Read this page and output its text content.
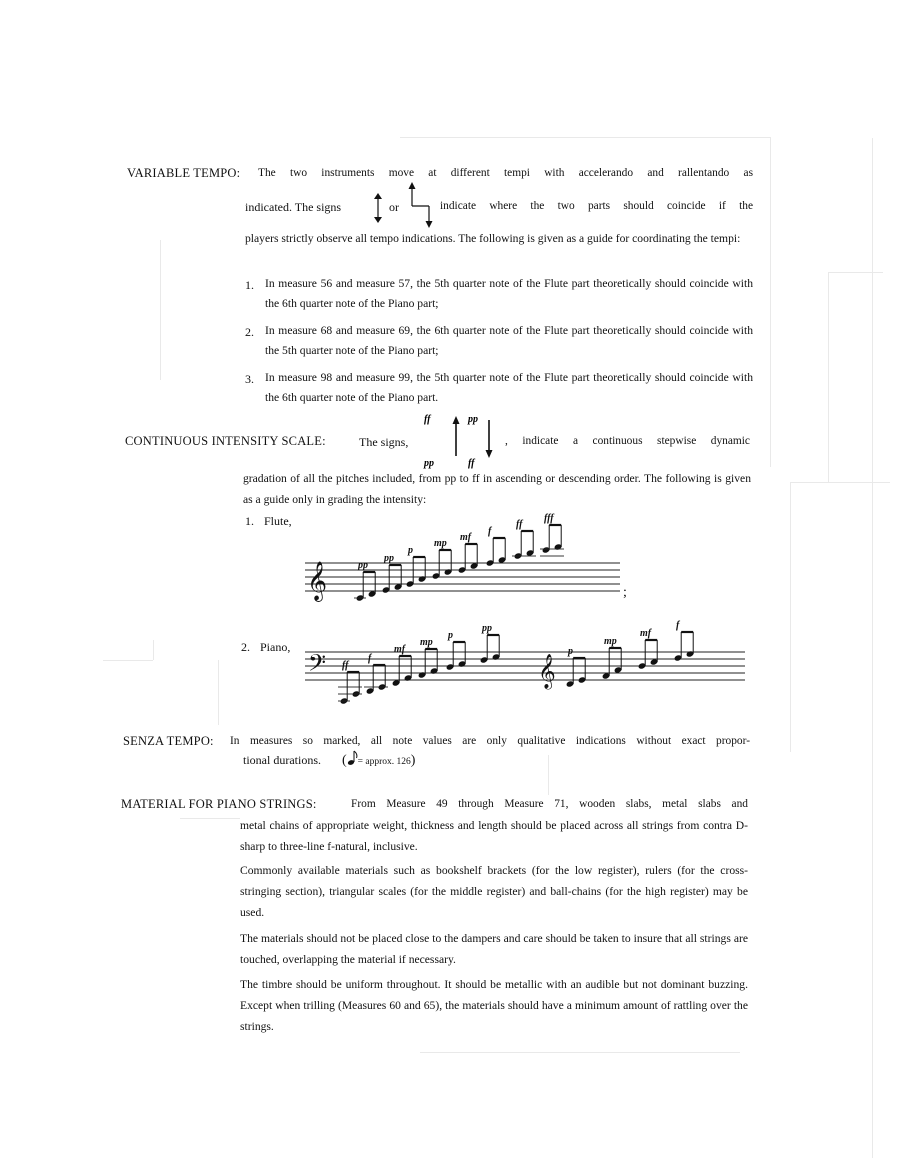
VARIABLE TEMPO: The two instruments move at different tempi with accelerando and rallentando as
indicated. The signs	or	indicate where the two parts should coincide if the
players strictly observe all tempo indications. The following is given as a guide for coordinating the tempi:
1. In measure 56 and measure 57, the 5th quarter note of the Flute part theoretically should coincide with the 6th quarter note of the Piano part;
2. In measure 68 and measure 69, the 6th quarter note of the Flute part theoretically should coincide with the 5th quarter note of the Piano part;
3. In measure 98 and measure 99, the 5th quarter note of the Flute part theoretically should coincide with the 6th quarter note of the Piano part.
CONTINUOUS INTENSITY SCALE:	The signs,
ff	pp
pp	ff
, indicate a continuous stepwise dynamic
gradation of all the pitches included, from pp to ff in ascending or descending order. The following is given as a guide only in grading the intensity:
1. Flute,
𝄞	pp
pp
p
mp
mf
f
ff
fff
;
2. Piano,
𝄢	𝄞
ff
f
mf
mp
p
pp
p
mp
mf
f
SENZA TEMPO: In measures so marked, all note values are only qualitative indications without exact propor-
tional durations. ( = approx. 126)
MATERIAL FOR PIANO STRINGS:	From Measure 49 through Measure 71, wooden slabs, metal slabs and
metal chains of appropriate weight, thickness and length should be placed across all strings from contra D-sharp to three-line f-natural, inclusive.
Commonly available materials such as bookshelf brackets (for the low register), rulers (for the cross-stringing section), triangular scales (for the middle register) and ball-chains (for the high register) may be used.
The materials should not be placed close to the dampers and care should be taken to insure that all strings are touched, overlapping the material if necessary.
The timbre should be uniform throughout. It should be metallic with an audible but not dominant buzzing. Except when trilling (Measures 60 and 65), the materials should have a minimum amount of rattling over the strings.
